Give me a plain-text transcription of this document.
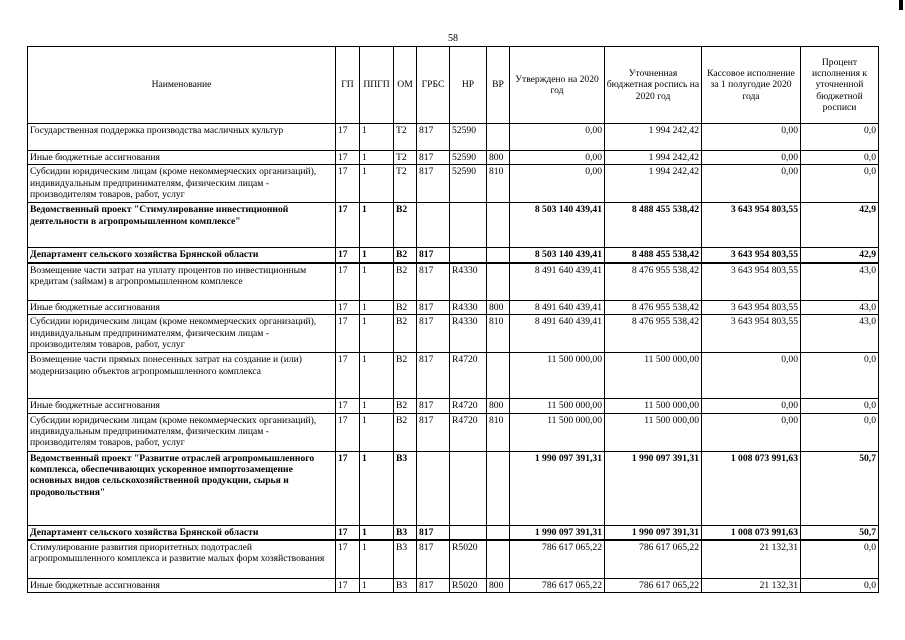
58
Наименование	ГП	ППГП	ОМ	ГРБС	НР	ВР	Утверждено на 2020 год	Уточненная бюджетная роспись на 2020 год	Кассовое исполнение за 1 полугодие 2020 года	Процент исполнения к уточненной бюджетной росписи
Государственная поддержка производства масличных культур	17	1	Т2	817	52590		0,00	1 994 242,42	0,00	0,0
Иные бюджетные ассигнования	17	1	Т2	817	52590	800	0,00	1 994 242,42	0,00	0,0
Субсидии юридическим лицам (кроме некоммерческих организаций), индивидуальным предпринимателям, физическим лицам - производителям товаров, работ, услуг	17	1	Т2	817	52590	810	0,00	1 994 242,42	0,00	0,0
Ведомственный проект "Стимулирование инвестиционной деятельности в агропромышленном комплексе"	17	1	В2				8 503 140 439,41	8 488 455 538,42	3 643 954 803,55	42,9
Департамент сельского хозяйства Брянской области	17	1	В2	817			8 503 140 439,41	8 488 455 538,42	3 643 954 803,55	42,9
Возмещение части затрат на уплату процентов по инвестиционным кредитам (займам) в агропромышленном комплексе	17	1	В2	817	R4330		8 491 640 439,41	8 476 955 538,42	3 643 954 803,55	43,0
Иные бюджетные ассигнования	17	1	В2	817	R4330	800	8 491 640 439,41	8 476 955 538,42	3 643 954 803,55	43,0
Субсидии юридическим лицам (кроме некоммерческих организаций), индивидуальным предпринимателям, физическим лицам - производителям товаров, работ, услуг	17	1	В2	817	R4330	810	8 491 640 439,41	8 476 955 538,42	3 643 954 803,55	43,0
Возмещение части прямых понесенных затрат на создание и (или) модернизацию объектов агропромышленного комплекса	17	1	В2	817	R4720		11 500 000,00	11 500 000,00	0,00	0,0
Иные бюджетные ассигнования	17	1	В2	817	R4720	800	11 500 000,00	11 500 000,00	0,00	0,0
Субсидии юридическим лицам (кроме некоммерческих организаций), индивидуальным предпринимателям, физическим лицам - производителям товаров, работ, услуг	17	1	В2	817	R4720	810	11 500 000,00	11 500 000,00	0,00	0,0
Ведомственный проект "Развитие отраслей агропромышленного комплекса, обеспечивающих ускоренное импортозамещение основных видов сельскохозяйственной продукции, сырья и продовольствия"	17	1	В3				1 990 097 391,31	1 990 097 391,31	1 008 073 991,63	50,7
Департамент сельского хозяйства Брянской области	17	1	В3	817			1 990 097 391,31	1 990 097 391,31	1 008 073 991,63	50,7
Стимулирование развития приоритетных подотраслей агропромышленного комплекса и развитие малых форм хозяйствования	17	1	В3	817	R5020		786 617 065,22	786 617 065,22	21 132,31	0,0
Иные бюджетные ассигнования	17	1	В3	817	R5020	800	786 617 065,22	786 617 065,22	21 132,31	0,0
